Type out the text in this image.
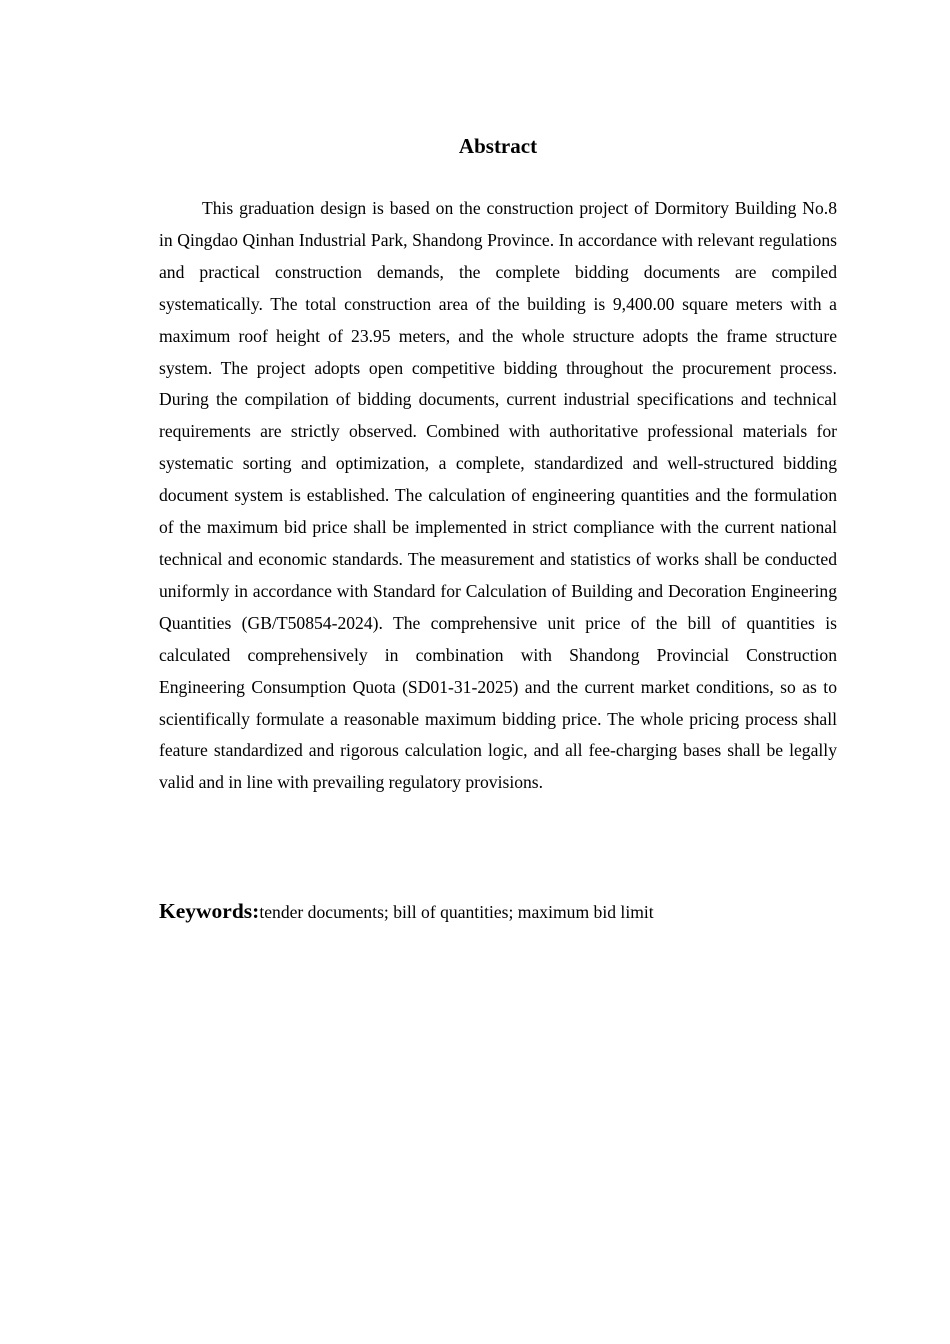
Abstract

This graduation design is based on the construction project of Dormitory Building No.8 in Qingdao Qinhan Industrial Park, Shandong Province. In accordance with relevant regulations and practical construction demands, the complete bidding documents are compiled systematically. The total construction area of the building is 9,400.00 square meters with a maximum roof height of 23.95 meters, and the whole structure adopts the frame structure system. The project adopts open competitive bidding throughout the procurement process. During the compilation of bidding documents, current industrial specifications and technical requirements are strictly observed. Combined with authoritative professional materials for systematic sorting and optimization, a complete, standardized and well-structured bidding document system is established. The calculation of engineering quantities and the formulation of the maximum bid price shall be implemented in strict compliance with the current national technical and economic standards. The measurement and statistics of works shall be conducted uniformly in accordance with Standard for Calculation of Building and Decoration Engineering Quantities (GB/T50854-2024). The comprehensive unit price of the bill of quantities is calculated comprehensively in combination with Shandong Provincial Construction Engineering Consumption Quota (SD01-31-2025) and the current market conditions, so as to scientifically formulate a reasonable maximum bidding price. The whole pricing process shall feature standardized and rigorous calculation logic, and all fee-charging bases shall be legally valid and in line with prevailing regulatory provisions.

Keywords:tender documents; bill of quantities; maximum bid limit
